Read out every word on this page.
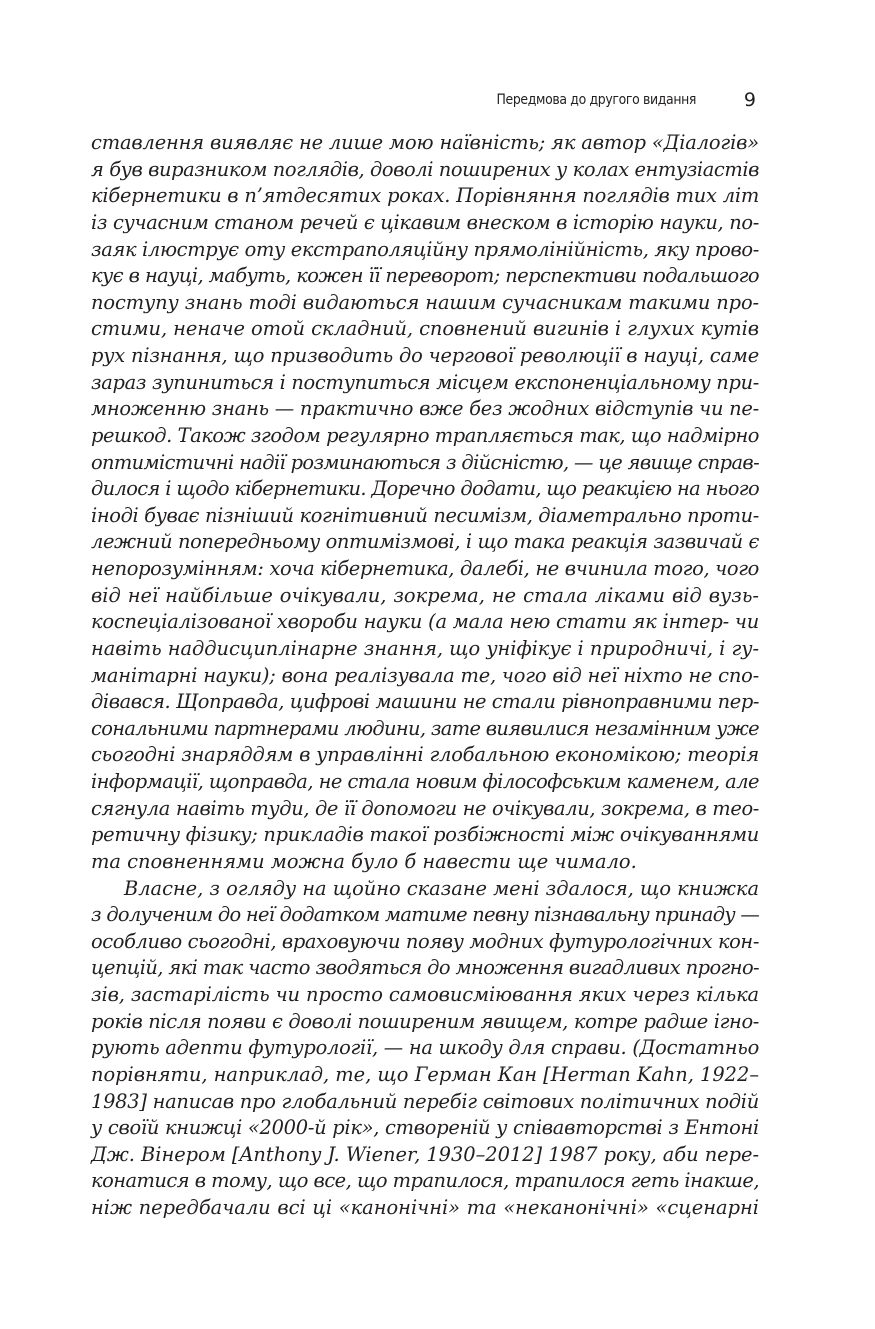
Передмова до другого видання	9
ставлення виявляє не лише мою наївність; як автор «Діалогів»
я був виразником поглядів, доволі поширених у колах ентузіастів
кібернетики в п’ятдесятих роках. Порівняння поглядів тих літ
із сучасним станом речей є цікавим внеском в історію науки, по-
заяк ілюструє оту екстраполяційну прямолінійність, яку прово-
кує в науці, мабуть, кожен її переворот; перспективи подальшого
поступу знань тоді видаються нашим сучасникам такими про-
стими, неначе отой складний, сповнений вигинів і глухих кутів
рух пізнання, що призводить до чергової революції в науці, саме
зараз зупиниться і поступиться місцем експоненціальному при-
множенню знань — практично вже без жодних відступів чи пе-
решкод. Також згодом регулярно трапляється так, що надмірно
оптимістичні надії розминаються з дійсністю, — це явище справ-
дилося і щодо кібернетики. Доречно додати, що реакцією на нього
іноді буває пізніший когнітивний песимізм, діаметрально проти-
лежний попередньому оптимізмові, і що така реакція зазвичай є
непорозумінням: хоча кібернетика, далебі, не вчинила того, чого
від неї найбільше очікували, зокрема, не стала ліками від вузь-
коспеціалізованої хвороби науки (а мала нею стати як інтер- чи
навіть наддисциплінарне знання, що уніфікує і природничі, і гу-
манітарні науки); вона реалізувала те, чого від неї ніхто не спо-
дівався. Щоправда, цифрові машини не стали рівноправними пер-
сональними партнерами людини, зате виявилися незамінним уже
сьогодні знаряддям в управлінні глобальною економікою; теорія
інформації, щоправда, не стала новим філософським каменем, але
сягнула навіть туди, де її допомоги не очікували, зокрема, в тео-
ретичну фізику; прикладів такої розбіжності між очікуваннями
та сповненнями можна було б навести ще чимало.
Власне, з огляду на щойно сказане мені здалося, що книжка
з долученим до неї додатком матиме певну пізнавальну принаду —
особливо сьогодні, враховуючи появу модних футурологічних кон-
цепцій, які так часто зводяться до множення вигадливих прогно-
зів, застарілість чи просто самовисміювання яких через кілька
років після появи є доволі поширеним явищем, котре радше ігно-
рують адепти футурології, — на шкоду для справи. (Достатньо
порівняти, наприклад, те, що Герман Кан [Herman Kahn, 1922–
1983] написав про глобальний перебіг світових політичних подій
у своїй книжці «2000-й рік», створеній у співавторстві з Ентоні
Дж. Вінером [Anthony J. Wiener, 1930–2012] 1987 року, аби пере-
конатися в тому, що все, що трапилося, трапилося геть інакше,
ніж передбачали всі ці «канонічні» та «неканонічні» «сценарні
